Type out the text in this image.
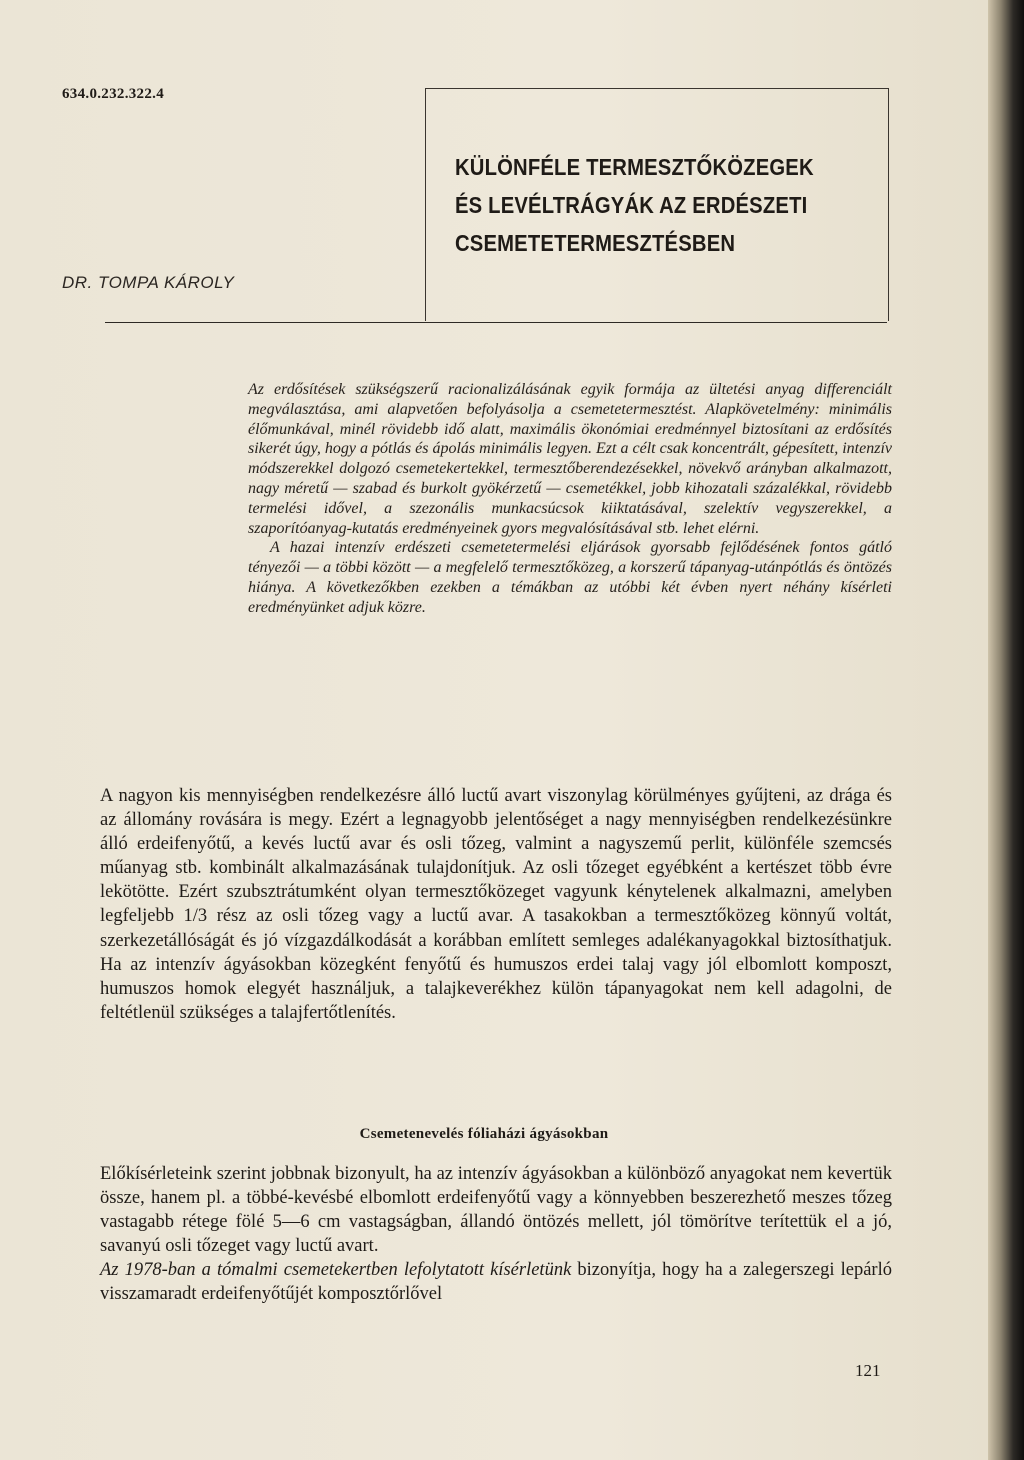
634.0.232.322.4
DR. TOMPA KÁROLY
KÜLÖNFÉLE TERMESZTŐKÖZEGEK
ÉS LEVÉLTRÁGYÁK AZ ERDÉSZETI
CSEMETETERMESZTÉSBEN

Az erdősítések szükségszerű racionalizálásának egyik formája az ültetési anyag differenciált megválasztása, ami alapvetően befolyásolja a csemetetermesztést. Alapkövetelmény: minimális élőmunkával, minél rövidebb idő alatt, maximális ökonómiai eredménnyel biztosítani az erdősítés sikerét úgy, hogy a pótlás és ápolás minimális legyen. Ezt a célt csak koncentrált, gépesített, intenzív módszerekkel dolgozó csemetekertekkel, termesztőberendezésekkel, növekvő arányban alkalmazott, nagy méretű — szabad és burkolt gyökérzetű — csemetékkel, jobb kihozatali százalékkal, rövidebb termelési idővel, a szezonális munkacsúcsok kiiktatásával, szelektív vegyszerekkel, a szaporítóanyag-kutatás eredményeinek gyors megvalósításával stb. lehet elérni.

A hazai intenzív erdészeti csemetetermelési eljárások gyorsabb fejlődésének fontos gátló tényezői — a többi között — a megfelelő termesztőközeg, a korszerű tápanyag-utánpótlás és öntözés hiánya. A következőkben ezekben a témákban az utóbbi két évben nyert néhány kísérleti eredményünket adjuk közre.

A nagyon kis mennyiségben rendelkezésre álló luctű avart viszonylag körülményes gyűjteni, az drága és az állomány rovására is megy. Ezért a legnagyobb jelentőséget a nagy mennyiségben rendelkezésünkre álló erdeifenyőtű, a kevés luctű avar és osli tőzeg, valmint a nagyszemű perlit, különféle szemcsés műanyag stb. kombinált alkalmazásának tulajdonítjuk. Az osli tőzeget egyébként a kertészet több évre lekötötte. Ezért szubsztrátumként olyan termesztőközeget vagyunk kénytelenek alkalmazni, amelyben legfeljebb 1/3 rész az osli tőzeg vagy a luctű avar. A tasakokban a termesztőközeg könnyű voltát, szerkezetállóságát és jó vízgazdálkodását a korábban említett semleges adalékanyagokkal biztosíthatjuk. Ha az intenzív ágyásokban közegként fenyőtű és humuszos erdei talaj vagy jól elbomlott komposzt, humuszos homok elegyét használjuk, a talajkeverékhez külön tápanyagokat nem kell adagolni, de feltétlenül szükséges a talajfertőtlenítés.

Csemetenevelés fóliaházi ágyásokban

Előkísérleteink szerint jobbnak bizonyult, ha az intenzív ágyásokban a különböző anyagokat nem kevertük össze, hanem pl. a többé-kevésbé elbomlott erdeifenyőtű vagy a könnyebben beszerezhető meszes tőzeg vastagabb rétege fölé 5—6 cm vastagságban, állandó öntözés mellett, jól tömörítve terítettük el a jó, savanyú osli tőzeget vagy luctű avart.

Az 1978-ban a tómalmi csemetekertben lefolytatott kísérletünk bizonyítja, hogy ha a zalegerszegi lepárló visszamaradt erdeifenyőtűjét komposztőrlővel

121
